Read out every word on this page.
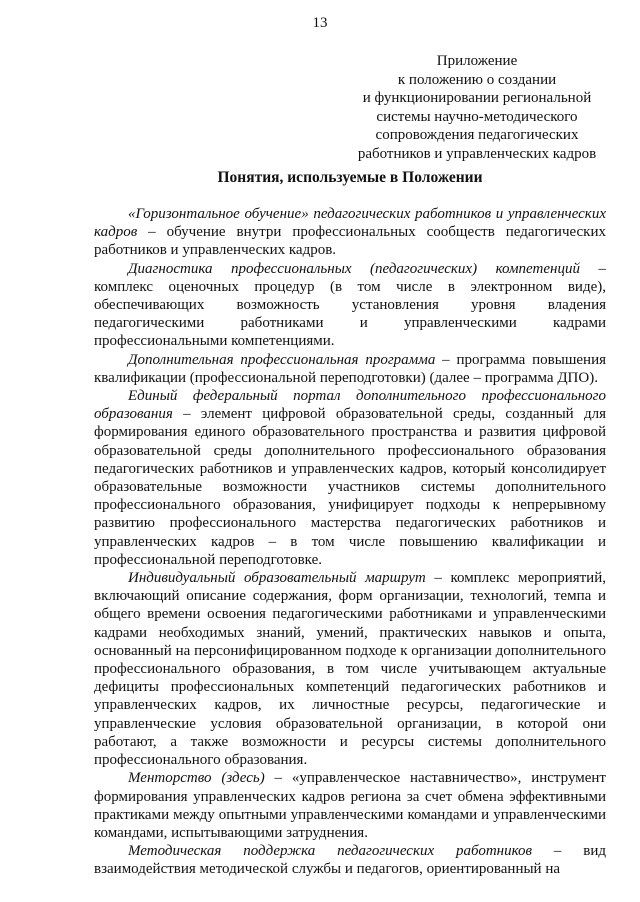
13
Приложение
к положению о создании
и функционировании региональной
системы научно-методического
сопровождения педагогических
работников и управленческих кадров
Понятия, используемые в Положении

«Горизонтальное обучение» педагогических работников и управленческих кадров – обучение внутри профессиональных сообществ педагогических работников и управленческих кадров.

Диагностика профессиональных (педагогических) компетенций – комплекс оценочных процедур (в том числе в электронном виде), обеспечивающих возможность установления уровня владения педагогическими работниками и управленческими кадрами профессиональными компетенциями.

Дополнительная профессиональная программа – программа повышения квалификации (профессиональной переподготовки) (далее – программа ДПО).

Единый федеральный портал дополнительного профессионального образования – элемент цифровой образовательной среды, созданный для формирования единого образовательного пространства и развития цифровой образовательной среды дополнительного профессионального образования педагогических работников и управленческих кадров, который консолидирует образовательные возможности участников системы дополнительного профессионального образования, унифицирует подходы к непрерывному развитию профессионального мастерства педагогических работников и управленческих кадров – в том числе повышению квалификации и профессиональной переподготовке.

Индивидуальный образовательный маршрут – комплекс мероприятий, включающий описание содержания, форм организации, технологий, темпа и общего времени освоения педагогическими работниками и управленческими кадрами необходимых знаний, умений, практических навыков и опыта, основанный на персонифицированном подходе к организации дополнительного профессионального образования, в том числе учитывающем актуальные дефициты профессиональных компетенций педагогических работников и управленческих кадров, их личностные ресурсы, педагогические и управленческие условия образовательной организации, в которой они работают, а также возможности и ресурсы системы дополнительного профессионального образования.

Менторство (здесь) – «управленческое наставничество», инструмент формирования управленческих кадров региона за счет обмена эффективными практиками между опытными управленческими командами и управленческими командами, испытывающими затруднения.

Методическая поддержка педагогических работников – вид взаимодействия методической службы и педагогов, ориентированный на
